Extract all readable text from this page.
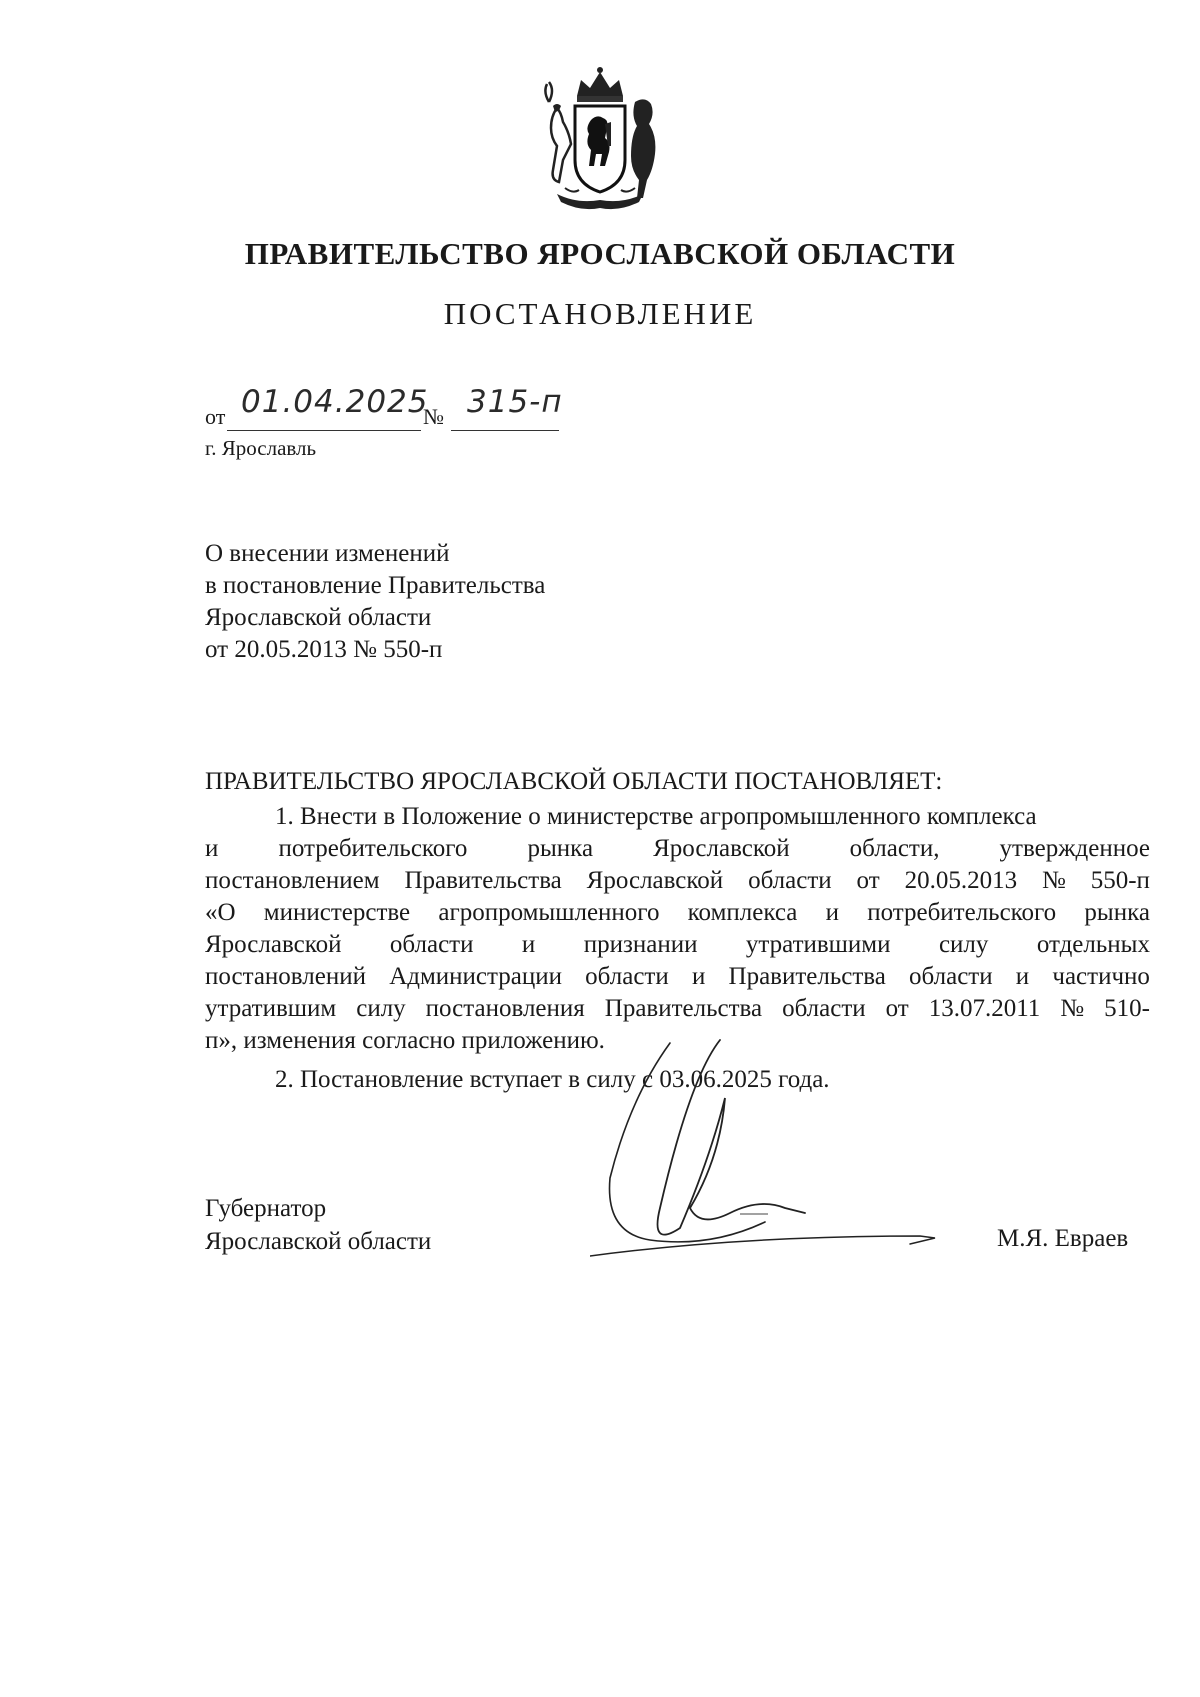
ПРАВИТЕЛЬСТВО ЯРОСЛАВСКОЙ ОБЛАСТИ
ПОСТАНОВЛЕНИЕ
от 01.04.2025
№ 315-п
г. Ярославль
О внесении изменений
в постановление Правительства
Ярославской области
от 20.05.2013 № 550-п
ПРАВИТЕЛЬСТВО ЯРОСЛАВСКОЙ ОБЛАСТИ ПОСТАНОВЛЯЕТ:
1. Внести в Положение о министерстве агропромышленного комплекса
и потребительского рынка Ярославской области, утвержденное
постановлением Правительства Ярославской области от 20.05.2013 № 550-п
«О министерстве агропромышленного комплекса и потребительского рынка
Ярославской области и признании утратившими силу отдельных
постановлений Администрации области и Правительства области и частично
утратившим силу постановления Правительства области от 13.07.2011 № 510-
п», изменения согласно приложению.
2. Постановление вступает в силу с 03.06.2025 года.
Губернатор
Ярославской области	М.Я. Евраев
